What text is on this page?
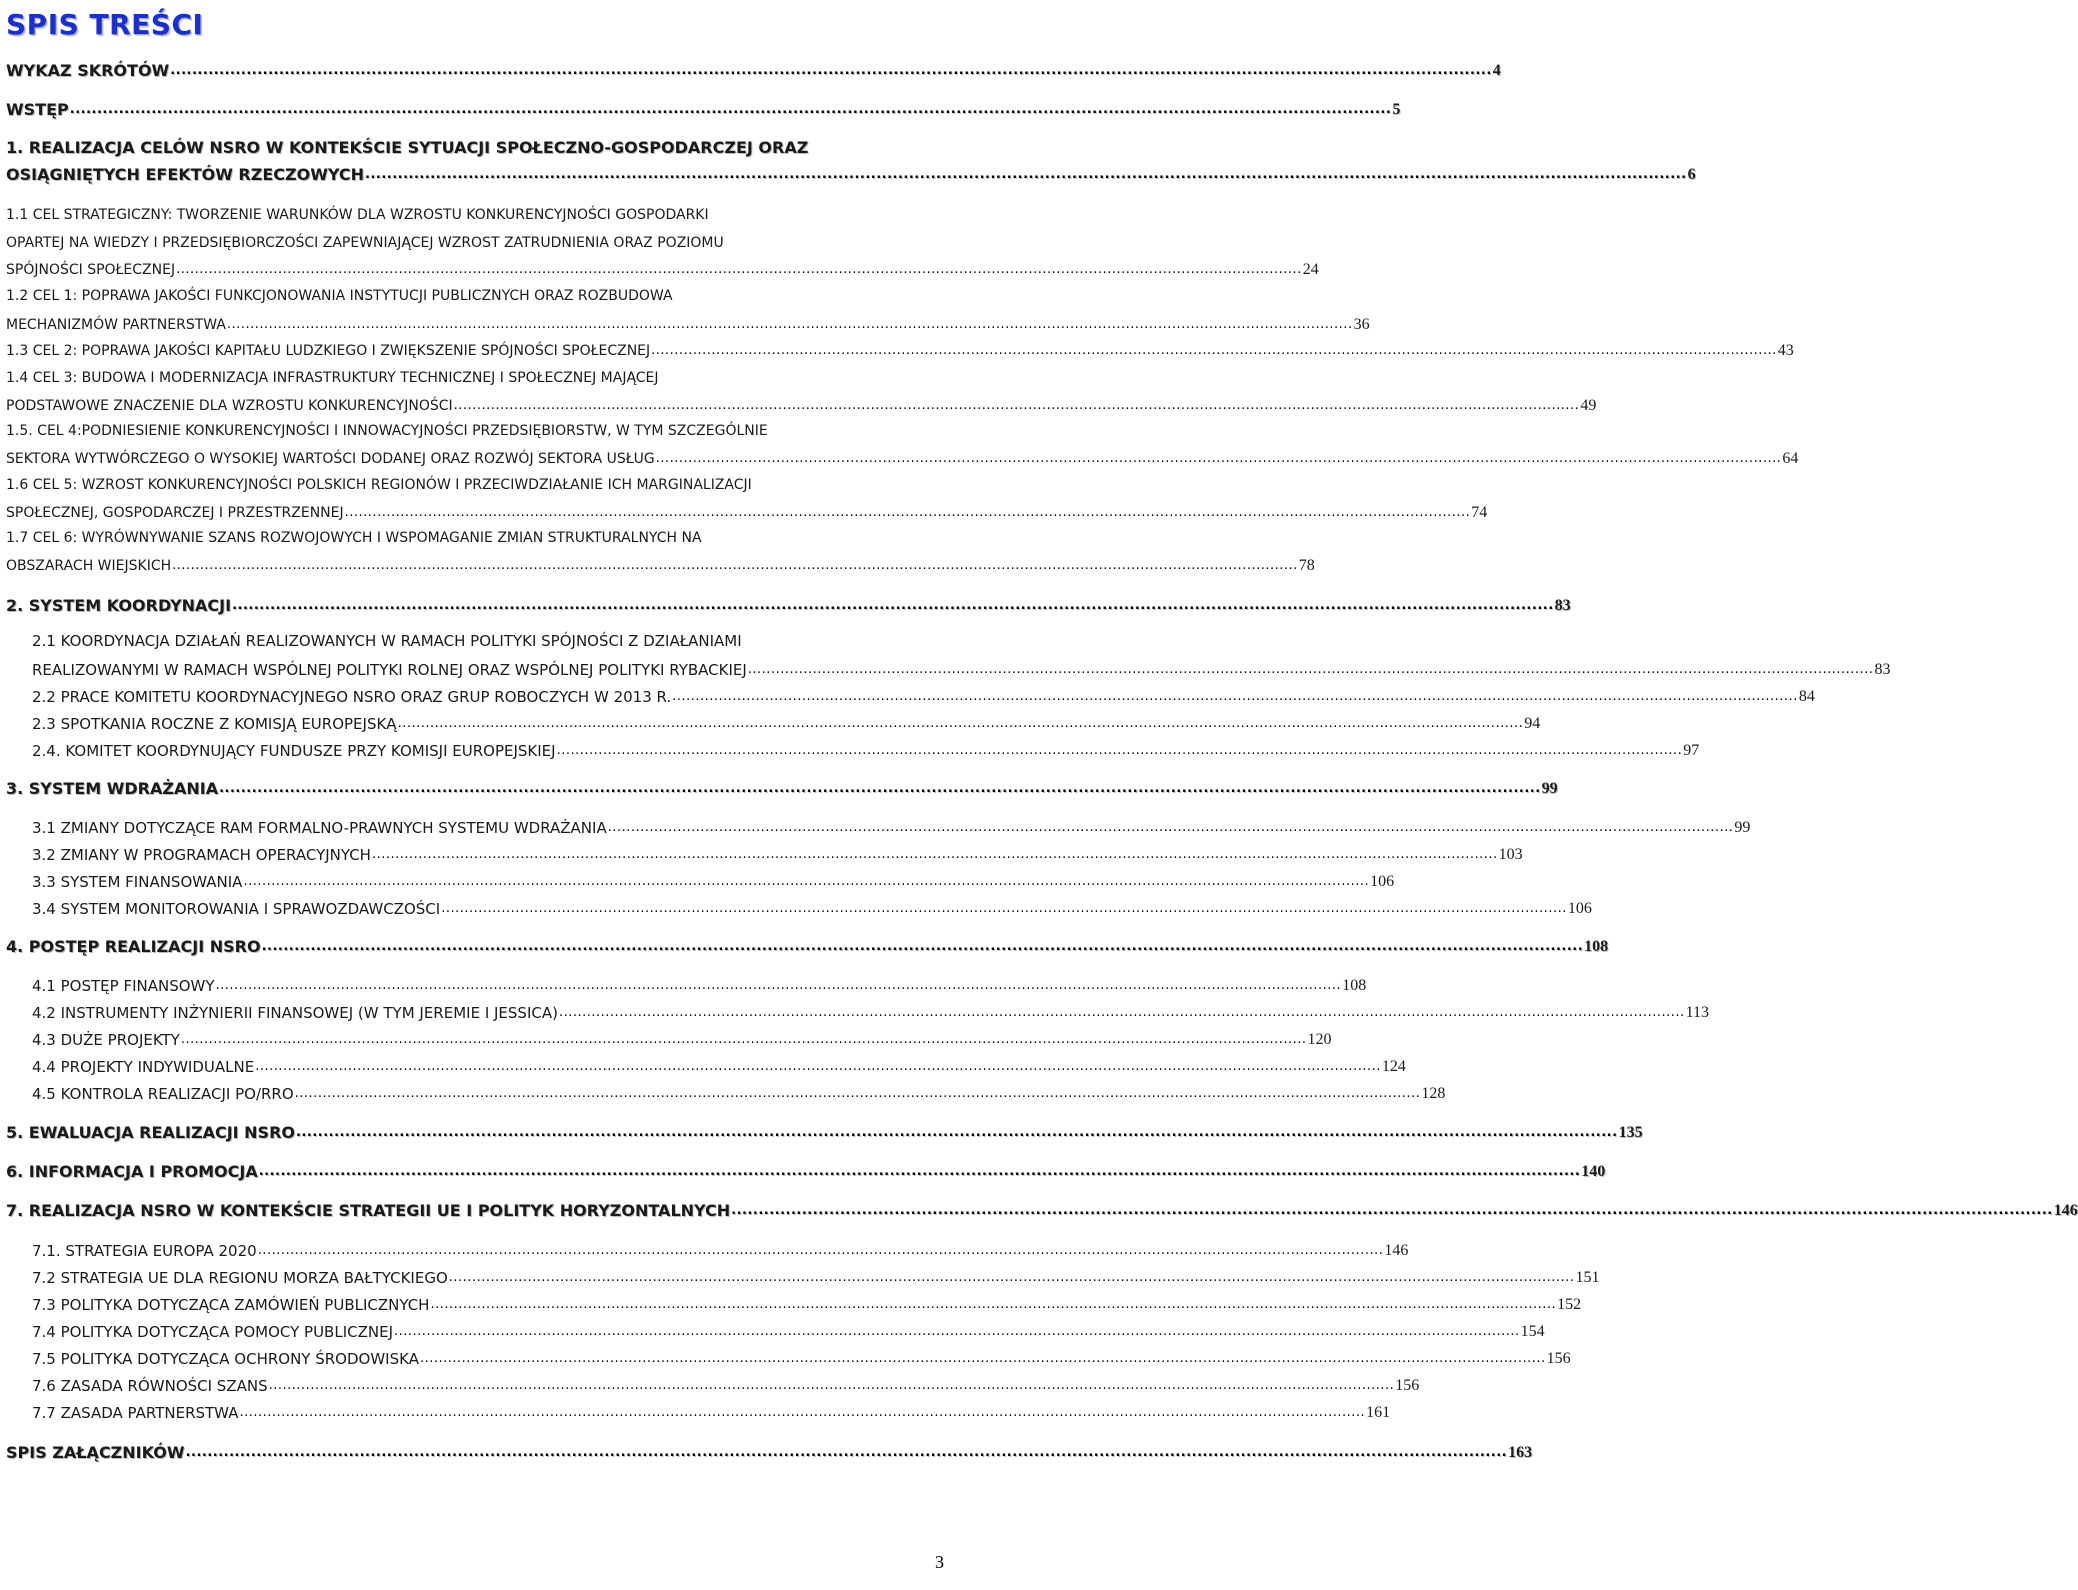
SPIS TREŚCI
WYKAZ SKRÓTÓW .....	4
WSTĘP .....	5
1. REALIZACJA CELÓW NSRO W KONTEKŚCIE SYTUACJI SPOŁECZNO-GOSPODARCZEJ ORAZ
OSIĄGNIĘTYCH EFEKTÓW RZECZOWYCH .....	6
1.1 CEL STRATEGICZNY: TWORZENIE WARUNKÓW DLA WZROSTU KONKURENCYJNOŚCI GOSPODARKI
OPARTEJ NA WIEDZY I PRZEDSIĘBIORCZOŚCI ZAPEWNIAJĄCEJ WZROST ZATRUDNIENIA ORAZ POZIOMU
SPÓJNOŚCI SPOŁECZNEJ .....	24
1.2 CEL 1: POPRAWA JAKOŚCI FUNKCJONOWANIA INSTYTUCJI PUBLICZNYCH ORAZ ROZBUDOWA
MECHANIZMÓW PARTNERSTWA .....	36
1.3 CEL 2: POPRAWA JAKOŚCI KAPITAŁU LUDZKIEGO I ZWIĘKSZENIE SPÓJNOŚCI SPOŁECZNEJ .....	43
1.4 CEL 3: BUDOWA I MODERNIZACJA INFRASTRUKTURY TECHNICZNEJ I SPOŁECZNEJ MAJĄCEJ
PODSTAWOWE ZNACZENIE DLA WZROSTU KONKURENCYJNOŚCI .....	49
1.5. CEL 4:PODNIESIENIE KONKURENCYJNOŚCI I INNOWACYJNOŚCI PRZEDSIĘBIORSTW, W TYM SZCZEGÓLNIE
SEKTORA WYTWÓRCZEGO O WYSOKIEJ WARTOŚCI DODANEJ ORAZ ROZWÓJ SEKTORA USŁUG .....	64
1.6 CEL 5: WZROST KONKURENCYJNOŚCI POLSKICH REGIONÓW I PRZECIWDZIAŁANIE ICH MARGINALIZACJI
SPOŁECZNEJ, GOSPODARCZEJ I PRZESTRZENNEJ .....	74
1.7 CEL 6: WYRÓWNYWANIE SZANS ROZWOJOWYCH I WSPOMAGANIE ZMIAN STRUKTURALNYCH NA
OBSZARACH WIEJSKICH .....	78
2. SYSTEM KOORDYNACJI .....	83
2.1 KOORDYNACJA DZIAŁAŃ REALIZOWANYCH W RAMACH POLITYKI SPÓJNOŚCI Z DZIAŁANIAMI
REALIZOWANYMI W RAMACH WSPÓLNEJ POLITYKI ROLNEJ ORAZ WSPÓLNEJ POLITYKI RYBACKIEJ .....	83
2.2 PRACE KOMITETU KOORDYNACYJNEGO NSRO ORAZ GRUP ROBOCZYCH W 2013 R. .....	84
2.3 SPOTKANIA ROCZNE Z KOMISJĄ EUROPEJSKĄ .....	94
2.4. KOMITET KOORDYNUJĄCY FUNDUSZE PRZY KOMISJI EUROPEJSKIEJ .....	97
3. SYSTEM WDRAŻANIA .....	99
3.1 ZMIANY DOTYCZĄCE RAM FORMALNO-PRAWNYCH SYSTEMU WDRAŻANIA .....	99
3.2 ZMIANY W PROGRAMACH OPERACYJNYCH .....	103
3.3 SYSTEM FINANSOWANIA .....	106
3.4 SYSTEM MONITOROWANIA I SPRAWOZDAWCZOŚCI .....	106
4. POSTĘP REALIZACJI NSRO .....	108
4.1 POSTĘP FINANSOWY .....	108
4.2 INSTRUMENTY INŻYNIERII FINANSOWEJ (W TYM JEREMIE I JESSICA) .....	113
4.3 DUŻE PROJEKTY .....	120
4.4 PROJEKTY INDYWIDUALNE .....	124
4.5 KONTROLA REALIZACJI PO/RRO .....	128
5. EWALUACJA REALIZACJI NSRO .....	135
6. INFORMACJA I PROMOCJA .....	140
7. REALIZACJA NSRO W KONTEKŚCIE STRATEGII UE I POLITYK HORYZONTALNYCH .....	146
7.1. STRATEGIA EUROPA 2020 .....	146
7.2 STRATEGIA UE DLA REGIONU MORZA BAŁTYCKIEGO .....	151
7.3 POLITYKA DOTYCZĄCA ZAMÓWIEŃ PUBLICZNYCH .....	152
7.4 POLITYKA DOTYCZĄCA POMOCY PUBLICZNEJ .....	154
7.5 POLITYKA DOTYCZĄCA OCHRONY ŚRODOWISKA .....	156
7.6 ZASADA RÓWNOŚCI SZANS .....	156
7.7 ZASADA PARTNERSTWA .....	161
SPIS ZAŁĄCZNIKÓW .....	163
3
